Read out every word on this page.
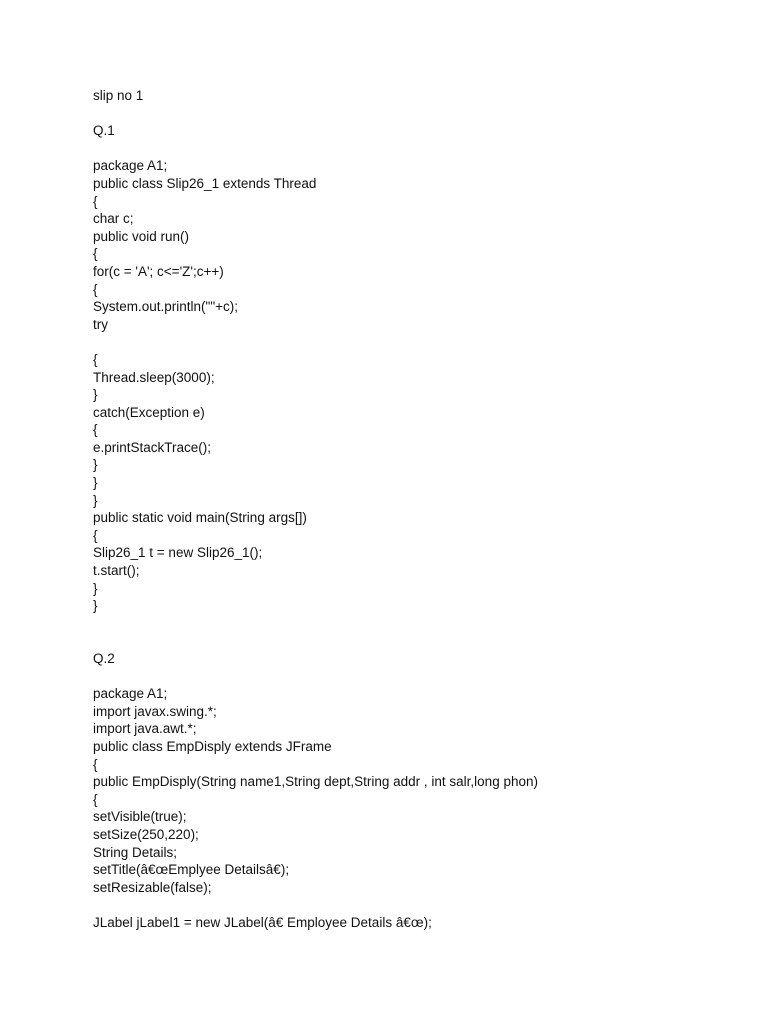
slip no 1
Q.1
package A1;
public class Slip26_1 extends Thread
{
char c;
public void run()
{
for(c = 'A'; c<='Z';c++)
{
System.out.println(""+c);
try
{
Thread.sleep(3000);
}
catch(Exception e)
{
e.printStackTrace();
}
}
}
public static void main(String args[])
{
Slip26_1 t = new Slip26_1();
t.start();
}
}
Q.2
package A1;
import javax.swing.*;
import java.awt.*;
public class EmpDisply extends JFrame
{
public EmpDisply(String name1,String dept,String addr , int salr,long phon)
{
setVisible(true);
setSize(250,220);
String Details;
setTitle(â€œEmplyee Detailsâ€);
setResizable(false);
JLabel jLabel1 = new JLabel(â€ Employee Details â€œ);
